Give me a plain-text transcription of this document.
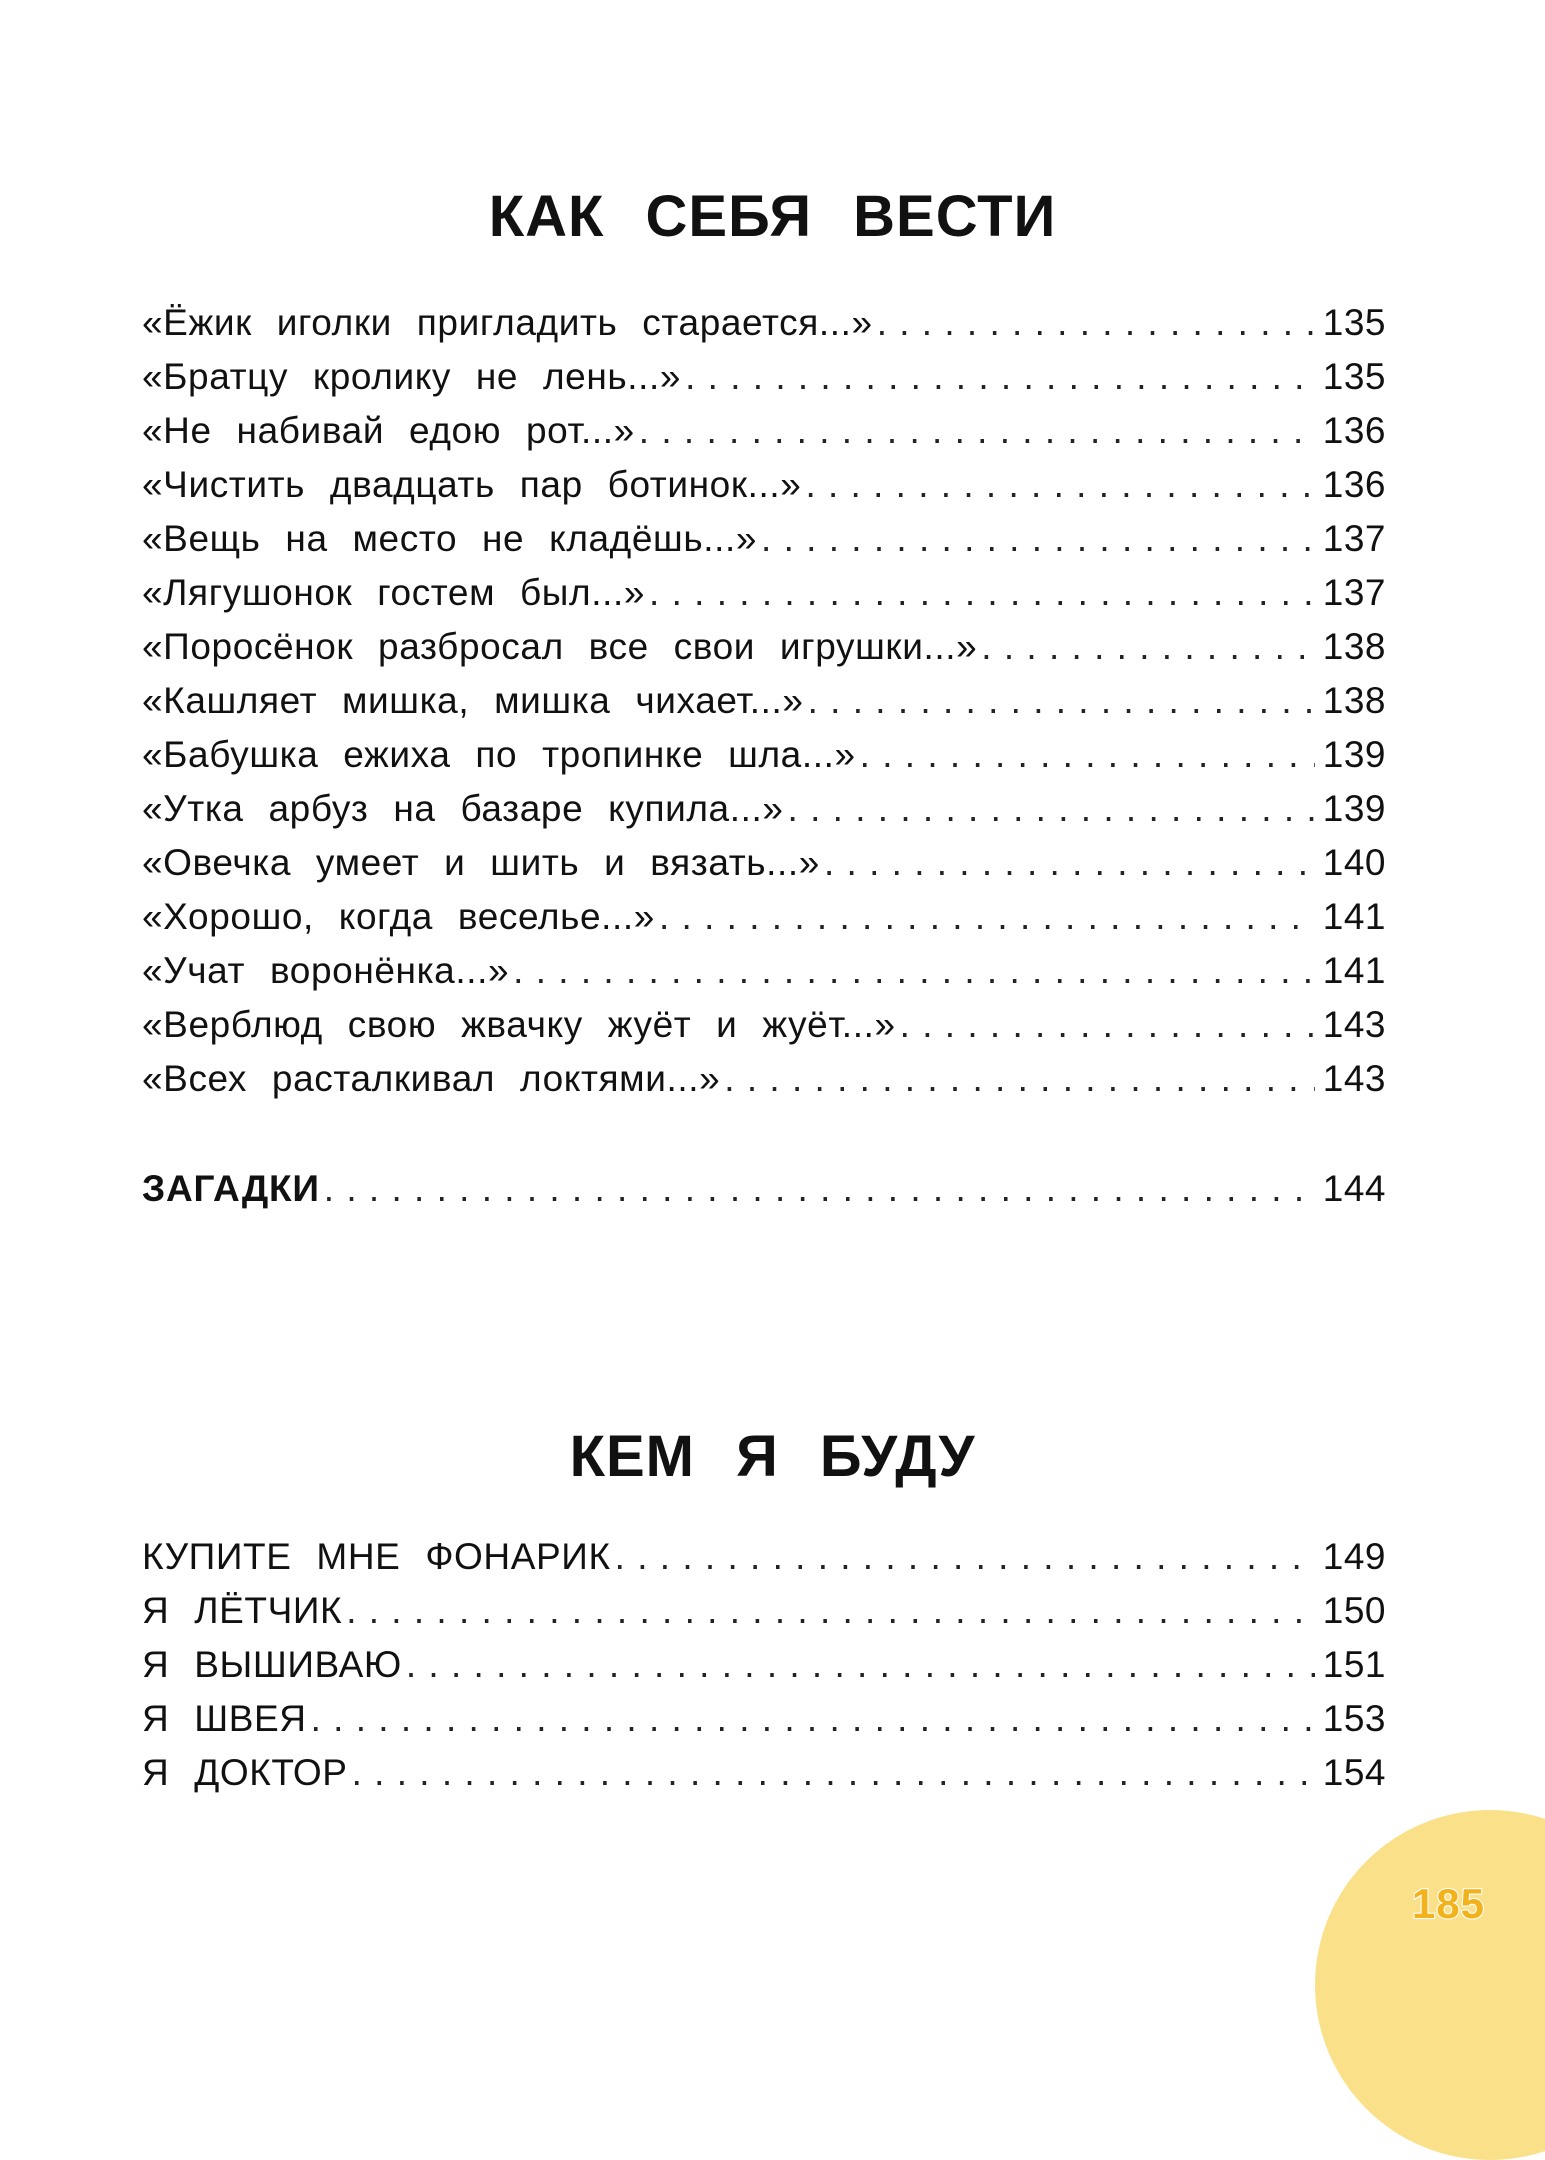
КАК СЕБЯ ВЕСТИ
«Ёжик иголки пригладить старается...» . . .	135
«Братцу кролику не лень...» . . .	135
«Не набивай едою рот...» . . .	136
«Чистить двадцать пар ботинок...» . . .	136
«Вещь на место не кладёшь...» . . .	137
«Лягушонок гостем был...» . . .	137
«Поросёнок разбросал все свои игрушки...» . . .	138
«Кашляет мишка, мишка чихает...» . . .	138
«Бабушка ежиха по тропинке шла...» . . .	139
«Утка арбуз на базаре купила...» . . .	139
«Овечка умеет и шить и вязать...» . . .	140
«Хорошо, когда веселье...» . . .	141
«Учат воронёнка...» . . .	141
«Верблюд свою жвачку жуёт и жуёт...» . . .	143
«Всех расталкивал локтями...» . . .	143
ЗАГАДКИ . . .	144
КЕМ Я БУДУ
КУПИТЕ МНЕ ФОНАРИК . . .	149
Я ЛЁТЧИК . . .	150
Я ВЫШИВАЮ . . .	151
Я ШВЕЯ . . .	153
Я ДОКТОР . . .	154
185
